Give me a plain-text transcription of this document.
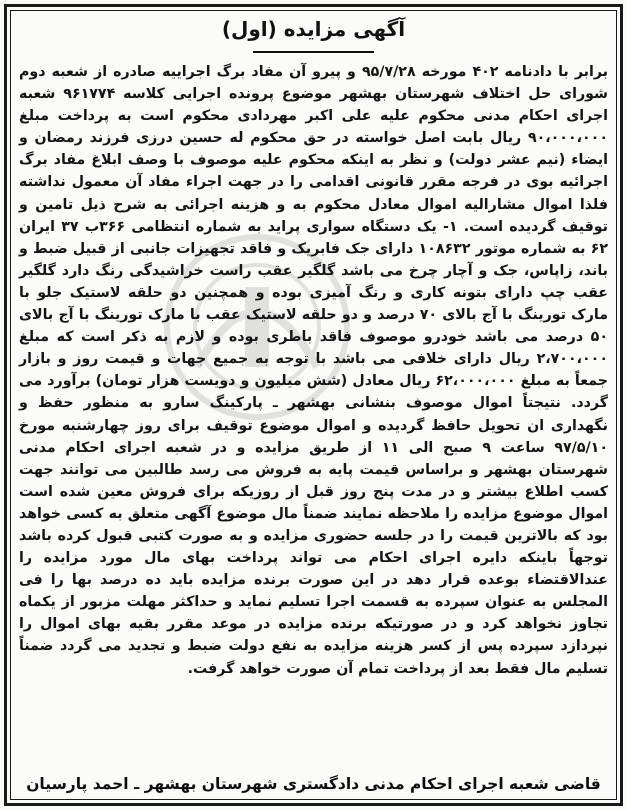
آگهی مزایده (اول)

برابر با دادنامه ۴۰۲ مورخه ۹۵/۷/۲۸ و پیرو آن مفاد برگ اجراییه صادره از شعبه دوم شورای حل اختلاف شهرستان بهشهر موضوع پرونده اجرایی کلاسه ۹۶۱۷۷۴ شعبه اجرای احکام مدنی محکوم علیه علی اکبر مهردادی محکوم است به پرداخت مبلغ ۹۰،۰۰۰،۰۰۰ ریال بابت اصل خواسته در حق محکوم له حسین درزی فرزند رمضان و ایضاء (نیم عشر دولت) و نظر به اینکه محکوم علیه موصوف با وصف ابلاغ مفاد برگ اجرائیه بوی در فرجه مقرر قانونی اقدامی را در جهت اجراء مفاد آن معمول نداشته فلذا اموال مشارالیه اموال معادل محکوم به و هزینه اجرائی به شرح ذیل تامین و توقیف گردیده است. ۱- یک دستگاه سواری پراید به شماره انتظامی ۳۶۶ب ۳۷ ایران ۶۲ به شماره موتور ۱۰۸۶۳۲ دارای جک فابریک و فاقد تجهیزات جانبی از قبیل ضبط و باند، زاپاس، جک و آچار چرخ می باشد گلگیر عقب راست خراشیدگی رنگ دارد گلگیر عقب چپ دارای بتونه کاری و رنگ آمیزی بوده و همچنین دو حلقه لاستیک جلو با مارک تورینگ با آج بالای ۷۰ درصد و دو حلقه لاستیک عقب با مارک تورینگ با آج بالای ۵۰ درصد می باشد خودرو موصوف فاقد باطری بوده و لازم به ذکر است که مبلغ ۲،۷۰۰،۰۰۰ ریال دارای خلافی می باشد با توجه به جمیع جهات و قیمت روز و بازار جمعاً به مبلغ ۶۲،۰۰۰،۰۰۰ ریال معادل (شش میلیون و دویست هزار تومان) برآورد می گردد. نتیجتاً اموال موصوف بنشانی بهشهر ـ پارکینگ سارو به منظور حفظ و نگهداری ان تحویل حافظ گردیده و اموال موضوع توقیف برای روز چهارشنبه مورخ ۹۷/۵/۱۰ ساعت ۹ صبح الی ۱۱ از طریق مزایده و در شعبه اجرای احکام مدنی شهرستان بهشهر و براساس قیمت پایه به فروش می رسد طالبین می توانند جهت کسب اطلاع بیشتر و در مدت پنج روز قبل از روزیکه برای فروش معین شده است اموال موضوع مزایده را ملاحظه نمایند ضمناً مال موضوع آگهی متعلق به کسی خواهد بود که بالاترین قیمت را در جلسه حضوری مزایده و به صورت کتبی قبول کرده باشد توجهاً باینکه دایره اجرای احکام می تواند پرداخت بهای مال مورد مزایده را عندالاقتضاء بوعده قرار دهد در این صورت برنده مزایده باید ده درصد بها را فی المجلس به عنوان سپرده به قسمت اجرا تسلیم نماید و حداکثر مهلت مزبور از یکماه تجاوز نخواهد کرد و در صورتیکه برنده مزایده در موعد مقرر بقیه بهای اموال را نپردازد سپرده پس از کسر هزینه مزایده به نفع دولت ضبط و تجدید می گردد ضمناً تسلیم مال فقط بعد از پرداخت تمام آن صورت خواهد گرفت.

قاضی شعبه اجرای احکام مدنی دادگستری شهرستان بهشهر ـ احمد پارسیان
